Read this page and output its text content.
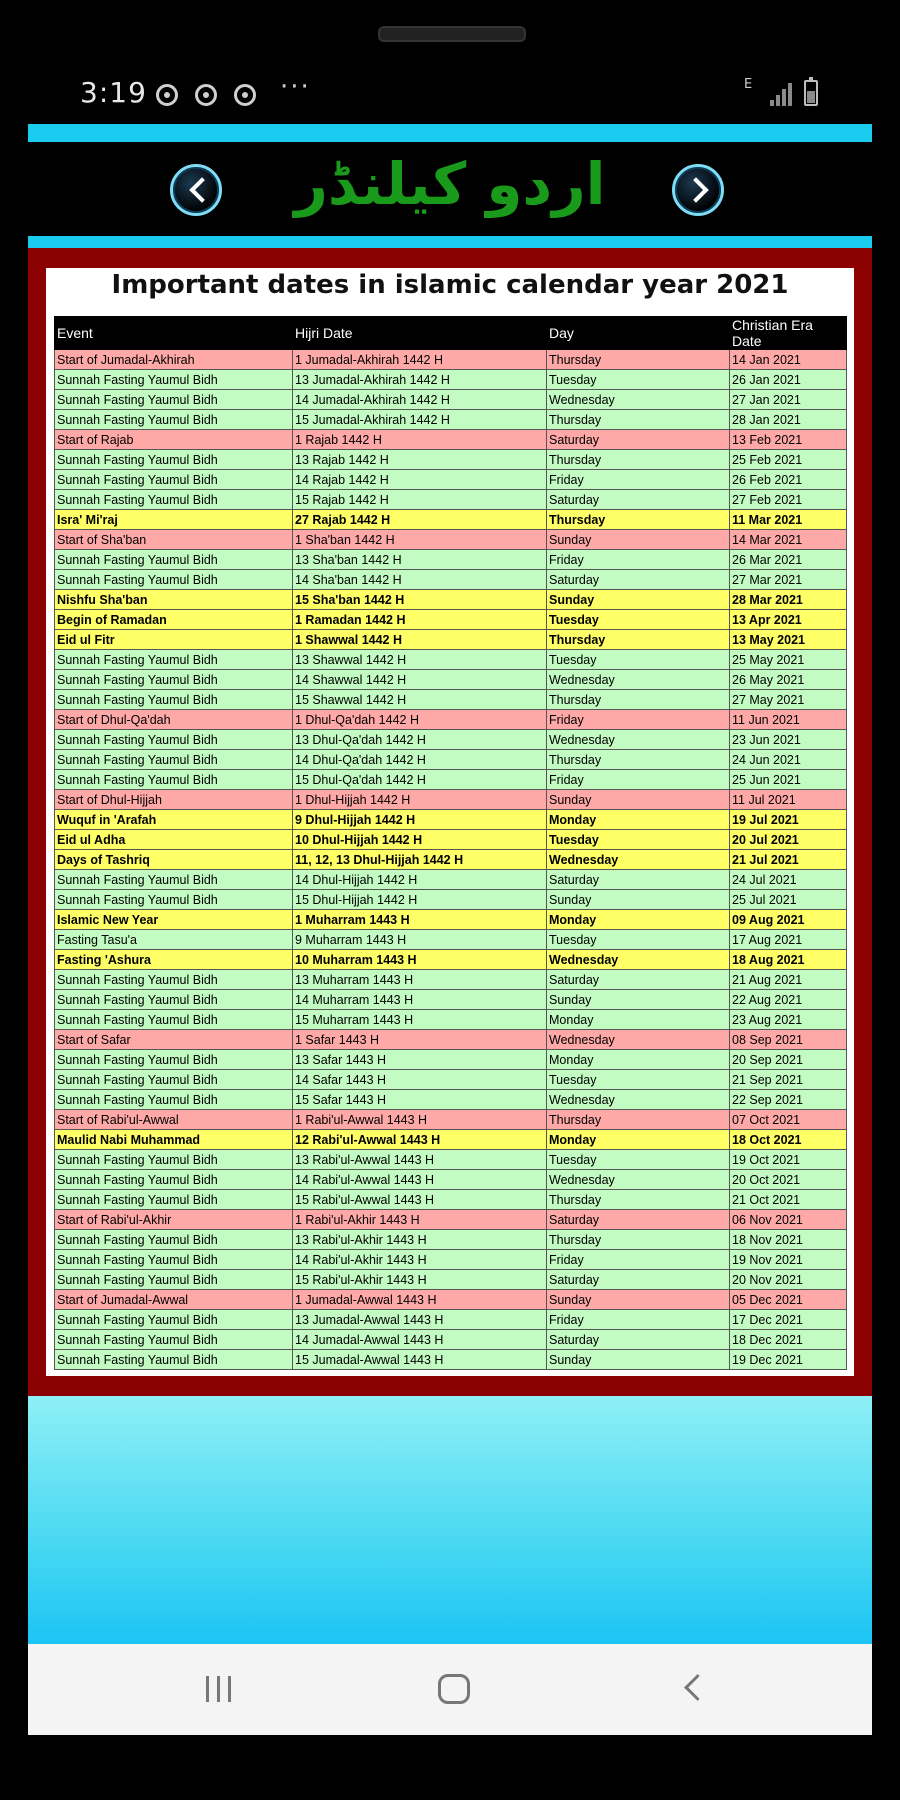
3:19	···	E
اردو کیلنڈر
Important dates in islamic calendar year 2021
Event	Hijri Date	Day	Christian Era Date
Start of Jumadal-Akhirah	1 Jumadal-Akhirah 1442 H	Thursday	14 Jan 2021
Sunnah Fasting Yaumul Bidh	13 Jumadal-Akhirah 1442 H	Tuesday	26 Jan 2021
Sunnah Fasting Yaumul Bidh	14 Jumadal-Akhirah 1442 H	Wednesday	27 Jan 2021
Sunnah Fasting Yaumul Bidh	15 Jumadal-Akhirah 1442 H	Thursday	28 Jan 2021
Start of Rajab	1 Rajab 1442 H	Saturday	13 Feb 2021
Sunnah Fasting Yaumul Bidh	13 Rajab 1442 H	Thursday	25 Feb 2021
Sunnah Fasting Yaumul Bidh	14 Rajab 1442 H	Friday	26 Feb 2021
Sunnah Fasting Yaumul Bidh	15 Rajab 1442 H	Saturday	27 Feb 2021
Isra' Mi'raj	27 Rajab 1442 H	Thursday	11 Mar 2021
Start of Sha'ban	1 Sha'ban 1442 H	Sunday	14 Mar 2021
Sunnah Fasting Yaumul Bidh	13 Sha'ban 1442 H	Friday	26 Mar 2021
Sunnah Fasting Yaumul Bidh	14 Sha'ban 1442 H	Saturday	27 Mar 2021
Nishfu Sha'ban	15 Sha'ban 1442 H	Sunday	28 Mar 2021
Begin of Ramadan	1 Ramadan 1442 H	Tuesday	13 Apr 2021
Eid ul Fitr	1 Shawwal 1442 H	Thursday	13 May 2021
Sunnah Fasting Yaumul Bidh	13 Shawwal 1442 H	Tuesday	25 May 2021
Sunnah Fasting Yaumul Bidh	14 Shawwal 1442 H	Wednesday	26 May 2021
Sunnah Fasting Yaumul Bidh	15 Shawwal 1442 H	Thursday	27 May 2021
Start of Dhul-Qa'dah	1 Dhul-Qa'dah 1442 H	Friday	11 Jun 2021
Sunnah Fasting Yaumul Bidh	13 Dhul-Qa'dah 1442 H	Wednesday	23 Jun 2021
Sunnah Fasting Yaumul Bidh	14 Dhul-Qa'dah 1442 H	Thursday	24 Jun 2021
Sunnah Fasting Yaumul Bidh	15 Dhul-Qa'dah 1442 H	Friday	25 Jun 2021
Start of Dhul-Hijjah	1 Dhul-Hijjah 1442 H	Sunday	11 Jul 2021
Wuquf in 'Arafah	9 Dhul-Hijjah 1442 H	Monday	19 Jul 2021
Eid ul Adha	10 Dhul-Hijjah 1442 H	Tuesday	20 Jul 2021
Days of Tashriq	11, 12, 13 Dhul-Hijjah 1442 H	Wednesday	21 Jul 2021
Sunnah Fasting Yaumul Bidh	14 Dhul-Hijjah 1442 H	Saturday	24 Jul 2021
Sunnah Fasting Yaumul Bidh	15 Dhul-Hijjah 1442 H	Sunday	25 Jul 2021
Islamic New Year	1 Muharram 1443 H	Monday	09 Aug 2021
Fasting Tasu'a	9 Muharram 1443 H	Tuesday	17 Aug 2021
Fasting 'Ashura	10 Muharram 1443 H	Wednesday	18 Aug 2021
Sunnah Fasting Yaumul Bidh	13 Muharram 1443 H	Saturday	21 Aug 2021
Sunnah Fasting Yaumul Bidh	14 Muharram 1443 H	Sunday	22 Aug 2021
Sunnah Fasting Yaumul Bidh	15 Muharram 1443 H	Monday	23 Aug 2021
Start of Safar	1 Safar 1443 H	Wednesday	08 Sep 2021
Sunnah Fasting Yaumul Bidh	13 Safar 1443 H	Monday	20 Sep 2021
Sunnah Fasting Yaumul Bidh	14 Safar 1443 H	Tuesday	21 Sep 2021
Sunnah Fasting Yaumul Bidh	15 Safar 1443 H	Wednesday	22 Sep 2021
Start of Rabi'ul-Awwal	1 Rabi'ul-Awwal 1443 H	Thursday	07 Oct 2021
Maulid Nabi Muhammad	12 Rabi'ul-Awwal 1443 H	Monday	18 Oct 2021
Sunnah Fasting Yaumul Bidh	13 Rabi'ul-Awwal 1443 H	Tuesday	19 Oct 2021
Sunnah Fasting Yaumul Bidh	14 Rabi'ul-Awwal 1443 H	Wednesday	20 Oct 2021
Sunnah Fasting Yaumul Bidh	15 Rabi'ul-Awwal 1443 H	Thursday	21 Oct 2021
Start of Rabi'ul-Akhir	1 Rabi'ul-Akhir 1443 H	Saturday	06 Nov 2021
Sunnah Fasting Yaumul Bidh	13 Rabi'ul-Akhir 1443 H	Thursday	18 Nov 2021
Sunnah Fasting Yaumul Bidh	14 Rabi'ul-Akhir 1443 H	Friday	19 Nov 2021
Sunnah Fasting Yaumul Bidh	15 Rabi'ul-Akhir 1443 H	Saturday	20 Nov 2021
Start of Jumadal-Awwal	1 Jumadal-Awwal 1443 H	Sunday	05 Dec 2021
Sunnah Fasting Yaumul Bidh	13 Jumadal-Awwal 1443 H	Friday	17 Dec 2021
Sunnah Fasting Yaumul Bidh	14 Jumadal-Awwal 1443 H	Saturday	18 Dec 2021
Sunnah Fasting Yaumul Bidh	15 Jumadal-Awwal 1443 H	Sunday	19 Dec 2021
